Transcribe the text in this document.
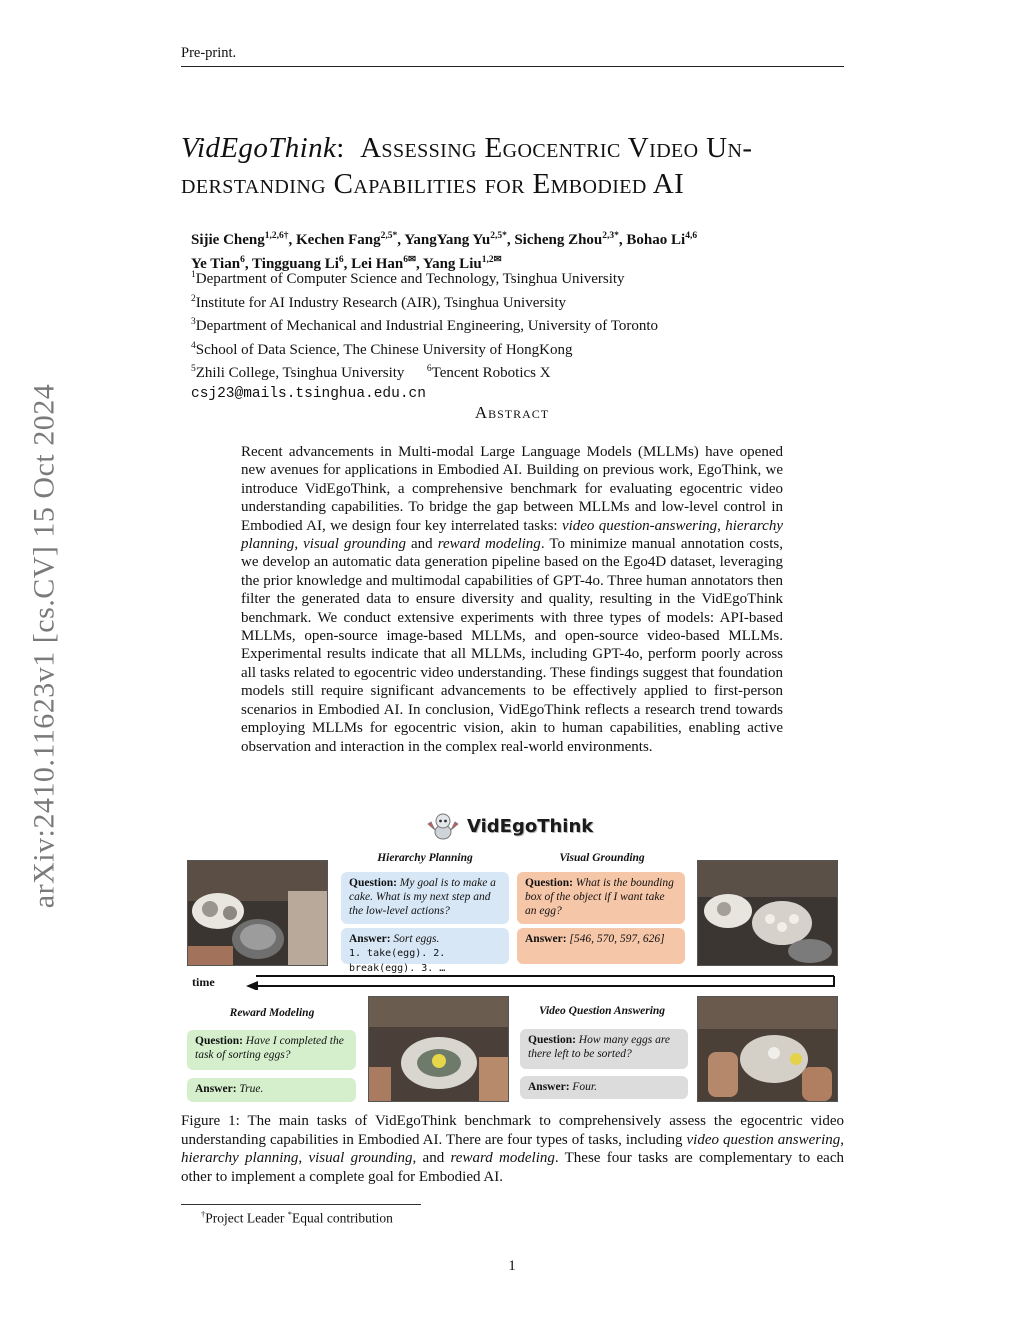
Pre-print.
arXiv:2410.11623v1 [cs.CV] 15 Oct 2024
VidEgoThink: Assessing Egocentric Video Un-
derstanding Capabilities for Embodied AI
Sijie Cheng$^{1,2,6\dagger}$, Kechen Fang$^{2,5*}$, YangYang $Yu^{2,5*}$, Sicheng Zhou$^{2,3*}$, Bohao Li$^{4,6}$
Ye Tian$^6$, Tingguang Li$^6$, Lei Han$^{6✉}$, Yang Liu$^{1,2✉}$
$^1$Department of Computer Science and Technology, Tsinghua University
$^2$Institute for AI Industry Research (AIR), Tsinghua University
$^3$Department of Mechanical and Industrial Engineering, University of Toronto
$^4$School of Data Science, The Chinese University of HongKong
$^5$Zhili College, Tsinghua University $^6$Tencent Robotics X
csj23@mails.tsinghua.edu.cn
Abstract
Recent advancements in Multi-modal Large Language Models (MLLMs) have opened new avenues for applications in Embodied AI. Building on previous work, EgoThink, we introduce VidEgoThink, a comprehensive benchmark for evaluating egocentric video understanding capabilities. To bridge the gap between MLLMs and low-level control in Embodied AI, we design four key interrelated tasks: video question-answering, hierarchy planning, visual grounding and reward modeling. To minimize manual annotation costs, we develop an automatic data generation pipeline based on the Ego4D dataset, leveraging the prior knowledge and multimodal capabilities of GPT-4o. Three human annotators then filter the generated data to ensure diversity and quality, resulting in the VidEgoThink benchmark. We conduct extensive experiments with three types of models: API-based MLLMs, open-source image-based MLLMs, and open-source video-based MLLMs. Experimental results indicate that all MLLMs, including GPT-4o, perform poorly across all tasks related to egocentric video understanding. These findings suggest that foundation models still require significant advancements to be effectively applied to first-person scenarios in Embodied AI. In conclusion, VidEgoThink reflects a research trend towards employing MLLMs for egocentric vision, akin to human capabilities, enabling active observation and interaction in the complex real-world environments.
VidEgoThink
Hierarchy Planning
Question: My goal is to make a cake. What is my next step and the low-level actions?
Answer: Sort eggs.
1. take(egg). 2. break(egg). 3. …
Visual Grounding
Question: What is the bounding box of the object if I want take an egg?
Answer: [546, 570, 597, 626]
time
Reward Modeling
Question: Have I completed the task of sorting eggs?
Answer: True.
Video Question Answering
Question: How many eggs are there left to be sorted?
Answer: Four.
Figure 1: The main tasks of VidEgoThink benchmark to comprehensively assess the egocentric video understanding capabilities in Embodied AI. There are four types of tasks, including video question answering, hierarchy planning, visual grounding, and reward modeling. These four tasks are complementary to each other to implement a complete goal for Embodied AI.
†Project Leader *Equal contribution
1
